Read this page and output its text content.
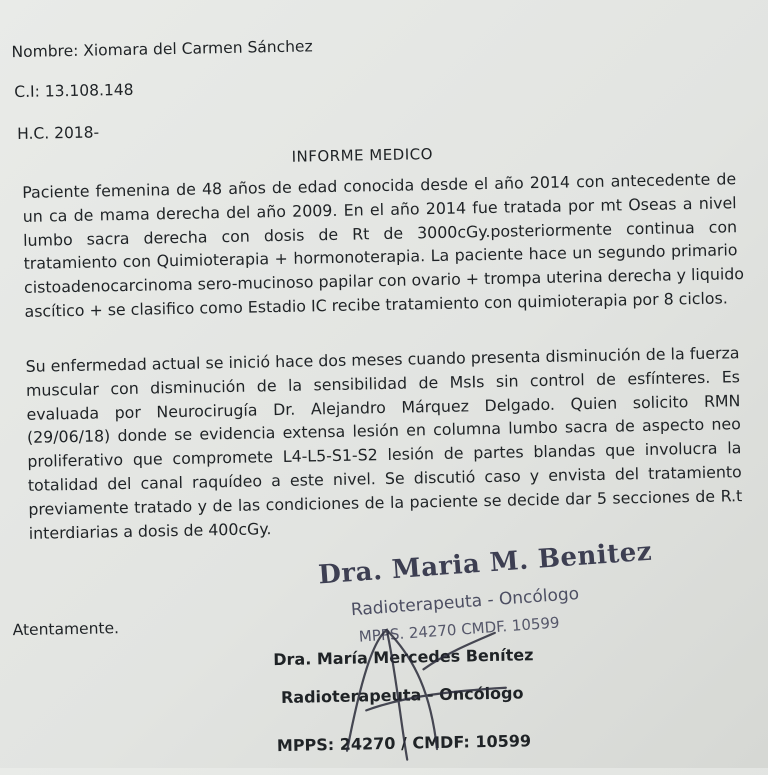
Nombre: Xiomara del Carmen Sánchez
C.I: 13.108.148
H.C. 2018-
INFORME MEDICO
Paciente femenina de 48 años de edad conocida desde el año 2014 con antecedente de
un ca de mama derecha del año 2009. En el año 2014 fue tratada por mt Oseas a nivel
lumbo sacra derecha con dosis de Rt de 3000cGy.posteriormente continua con
tratamiento con Quimioterapia + hormonoterapia. La paciente hace un segundo primario
cistoadenocarcinoma sero-mucinoso papilar con ovario + trompa uterina derecha y liquido
ascítico + se clasifico como Estadio IC recibe tratamiento con quimioterapia por 8 ciclos.
Su enfermedad actual se inició hace dos meses cuando presenta disminución de la fuerza
muscular con disminución de la sensibilidad de MsIs sin control de esfínteres. Es
evaluada por Neurocirugía Dr. Alejandro Márquez Delgado. Quien solicito RMN
(29/06/18) donde se evidencia extensa lesión en columna lumbo sacra de aspecto neo
proliferativo que compromete L4-L5-S1-S2 lesión de partes blandas que involucra la
totalidad del canal raquídeo a este nivel. Se discutió caso y envista del tratamiento
previamente tratado y de las condiciones de la paciente se decide dar 5 secciones de R.t
interdiarias a dosis de 400cGy.
Atentamente.
Dra. Maria M. Benitez
Radioterapeuta - Oncólogo
MPPS. 24270 CMDF. 10599
Dra. María Mercedes Benítez
Radioterapeuta - Oncólogo
MPPS: 24270 / CMDF: 10599
